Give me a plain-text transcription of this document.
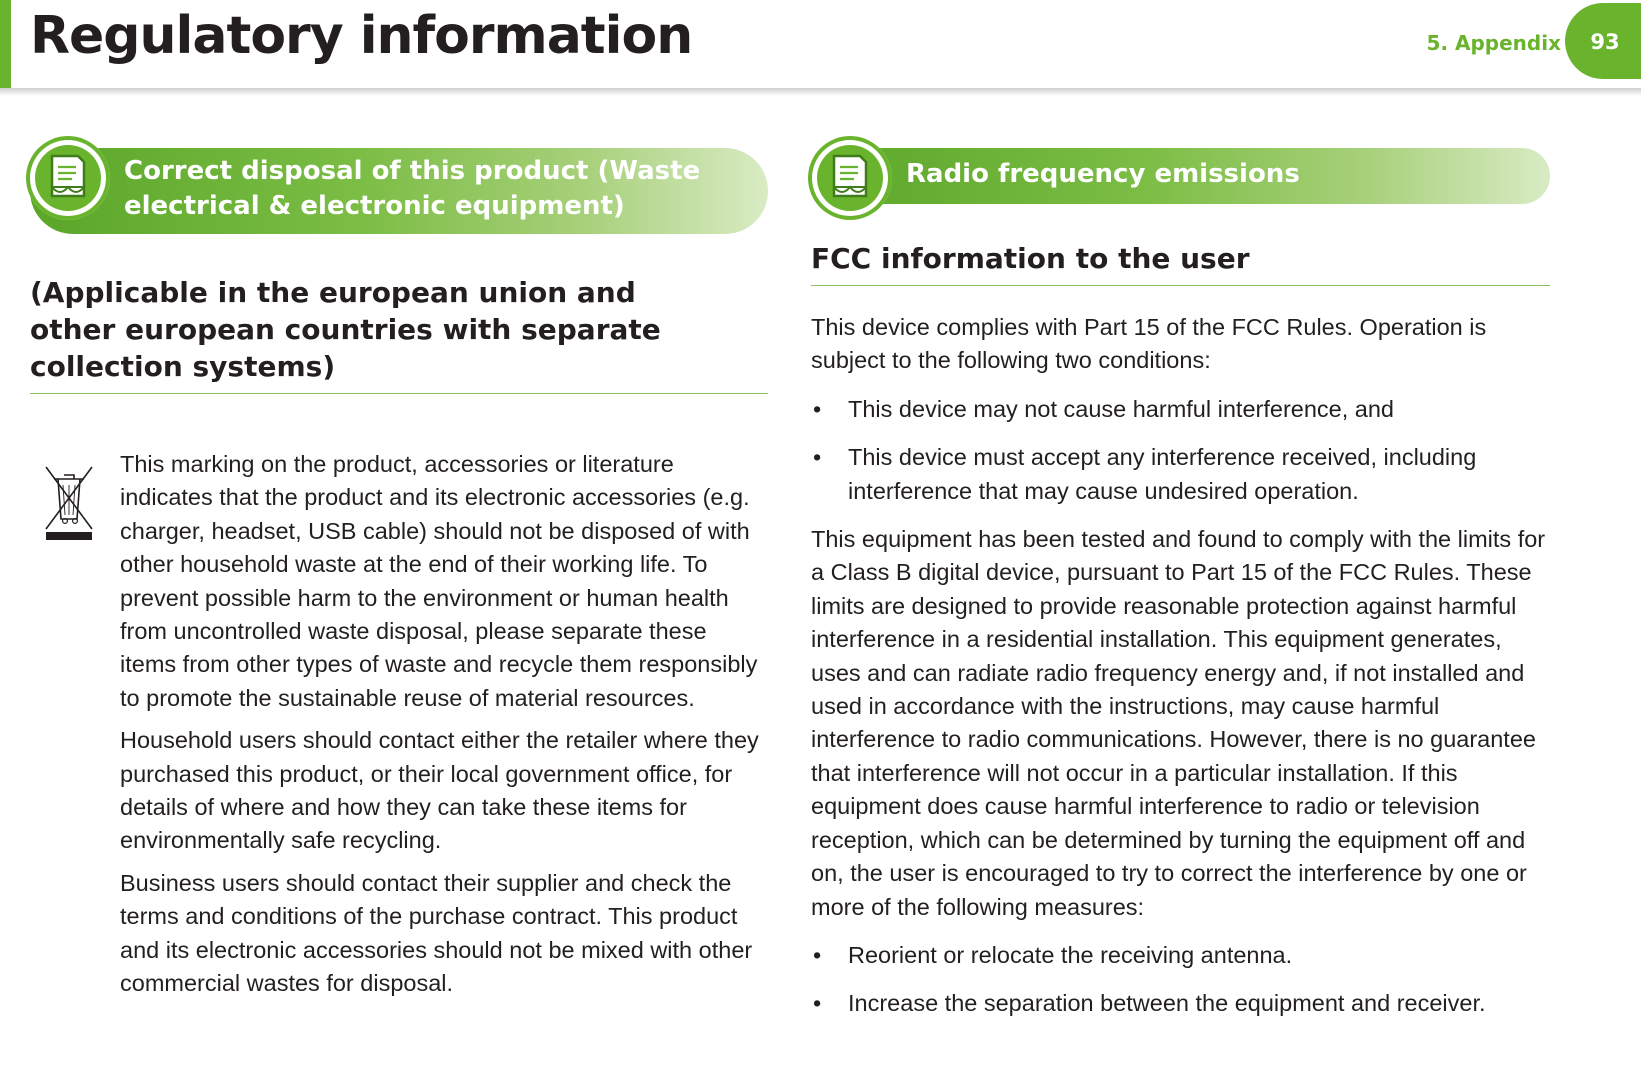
Regulatory information	5. Appendix	93
Correct disposal of this product (Waste
electrical & electronic equipment)
(Applicable in the european union and other european countries with separate collection systems)

This marking on the product, accessories or literature indicates that the product and its electronic accessories (e.g. charger, headset, USB cable) should not be disposed of with other household waste at the end of their working life. To prevent possible harm to the environment or human health from uncontrolled waste disposal, please separate these items from other types of waste and recycle them responsibly to promote the sustainable reuse of material resources.

Household users should contact either the retailer where they purchased this product, or their local government office, for details of where and how they can take these items for environmentally safe recycling.

Business users should contact their supplier and check the terms and conditions of the purchase contract. This product and its electronic accessories should not be mixed with other commercial wastes for disposal.

Radio frequency emissions
FCC information to the user

This device complies with Part 15 of the FCC Rules. Operation is subject to the following two conditions:

• This device may not cause harmful interference, and
• This device must accept any interference received, including interference that may cause undesired operation.

This equipment has been tested and found to comply with the limits for a Class B digital device, pursuant to Part 15 of the FCC Rules. These limits are designed to provide reasonable protection against harmful interference in a residential installation. This equipment generates, uses and can radiate radio frequency energy and, if not installed and used in accordance with the instructions, may cause harmful interference to radio communications. However, there is no guarantee that interference will not occur in a particular installation. If this equipment does cause harmful interference to radio or television reception, which can be determined by turning the equipment off and on, the user is encouraged to try to correct the interference by one or more of the following measures:

• Reorient or relocate the receiving antenna.
• Increase the separation between the equipment and receiver.
